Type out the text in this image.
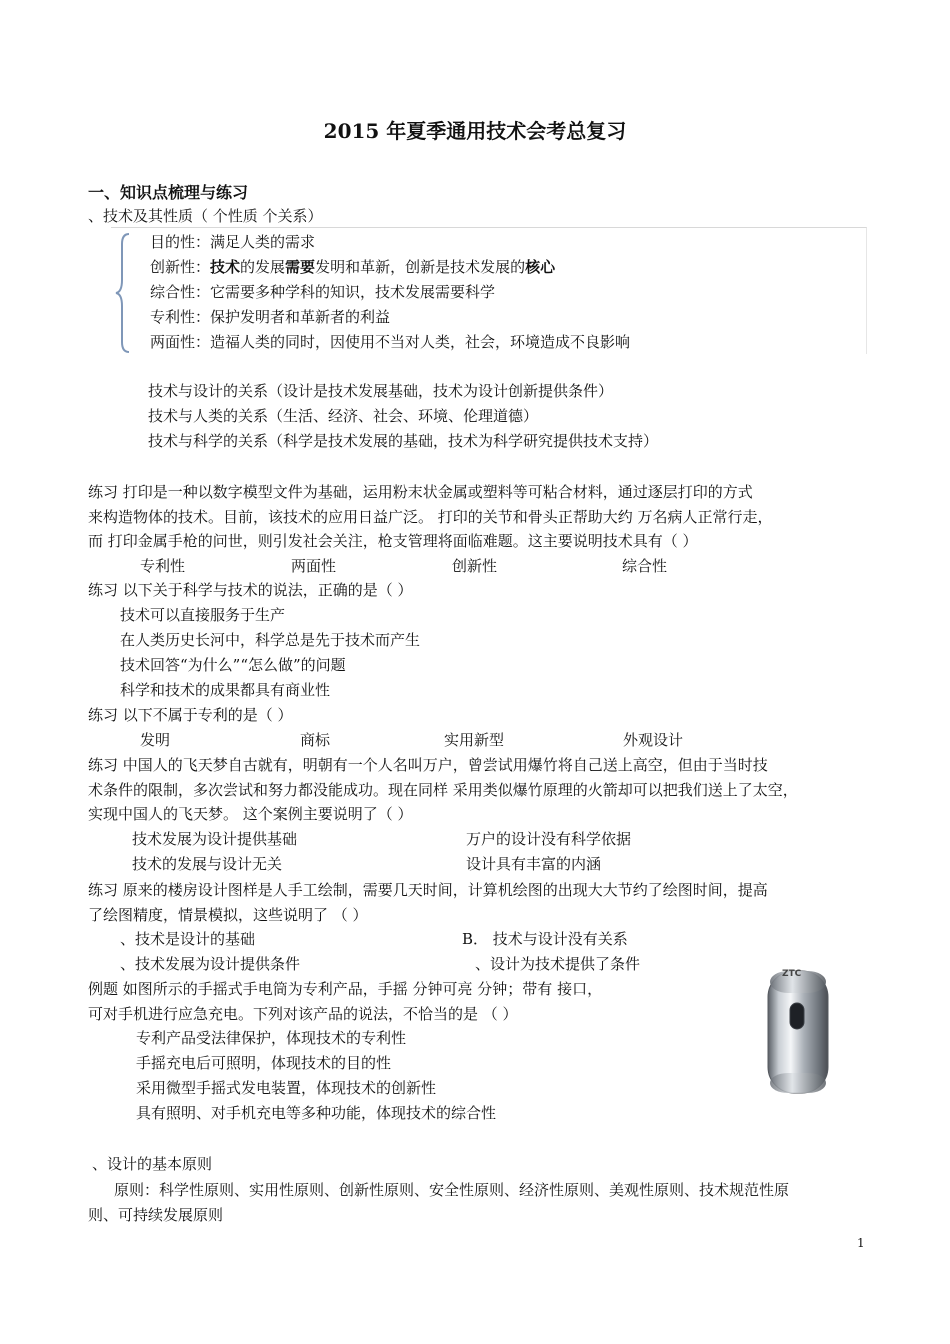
2015 年夏季通用技术会考总复习
一、知识点梳理与练习
、技术及其性质（ 个性质 个关系）
目的性：满足人类的需求
创新性：技术的发展需要发明和革新，创新是技术发展的核心
综合性：它需要多种学科的知识，技术发展需要科学
专利性：保护发明者和革新者的利益
两面性：造福人类的同时，因使用不当对人类，社会，环境造成不良影响
技术与设计的关系（设计是技术发展基础，技术为设计创新提供条件）
技术与人类的关系（生活、经济、社会、环境、伦理道德）
技术与科学的关系（科学是技术发展的基础，技术为科学研究提供技术支持）
练习 打印是一种以数字模型文件为基础，运用粉末状金属或塑料等可粘合材料，通过逐层打印的方式
来构造物体的技术。目前，该技术的应用日益广泛。 打印的关节和骨头正帮助大约 万名病人正常行走，
而 打印金属手枪的问世，则引发社会关注，枪支管理将面临难题。这主要说明技术具有（ ）
专利性	两面性	创新性	综合性
练习 以下关于科学与技术的说法，正确的是（ ）
技术可以直接服务于生产
在人类历史长河中，科学总是先于技术而产生
技术回答“为什么”“怎么做”的问题
科学和技术的成果都具有商业性
练习 以下不属于专利的是（ ）
发明	商标	实用新型	外观设计
练习 中国人的飞天梦自古就有，明朝有一个人名叫万户，曾尝试用爆竹将自己送上高空，但由于当时技
术条件的限制，多次尝试和努力都没能成功。现在同样 采用类似爆竹原理的火箭却可以把我们送上了太空，
实现中国人的飞天梦。 这个案例主要说明了（ ）
技术发展为设计提供基础	万户的设计没有科学依据
技术的发展与设计无关	设计具有丰富的内涵
练习 原来的楼房设计图样是人手工绘制，需要几天时间，计算机绘图的出现大大节约了绘图时间，提高
了绘图精度，情景模拟，这些说明了 （ ）
、技术是设计的基础	B． 技术与设计没有关系
、技术发展为设计提供条件	、设计为技术提供了条件
例题 如图所示的手摇式手电筒为专利产品，手摇 分钟可亮 分钟；带有 接口，
可对手机进行应急充电。下列对该产品的说法，不恰当的是 （ ）
专利产品受法律保护，体现技术的专利性
手摇充电后可照明，体现技术的目的性
采用微型手摇式发电装置，体现技术的创新性
具有照明、对手机充电等多种功能，体现技术的综合性
ZTC
、设计的基本原则
原则：科学性原则、实用性原则、创新性原则、安全性原则、经济性原则、美观性原则、技术规范性原
则、可持续发展原则
1
